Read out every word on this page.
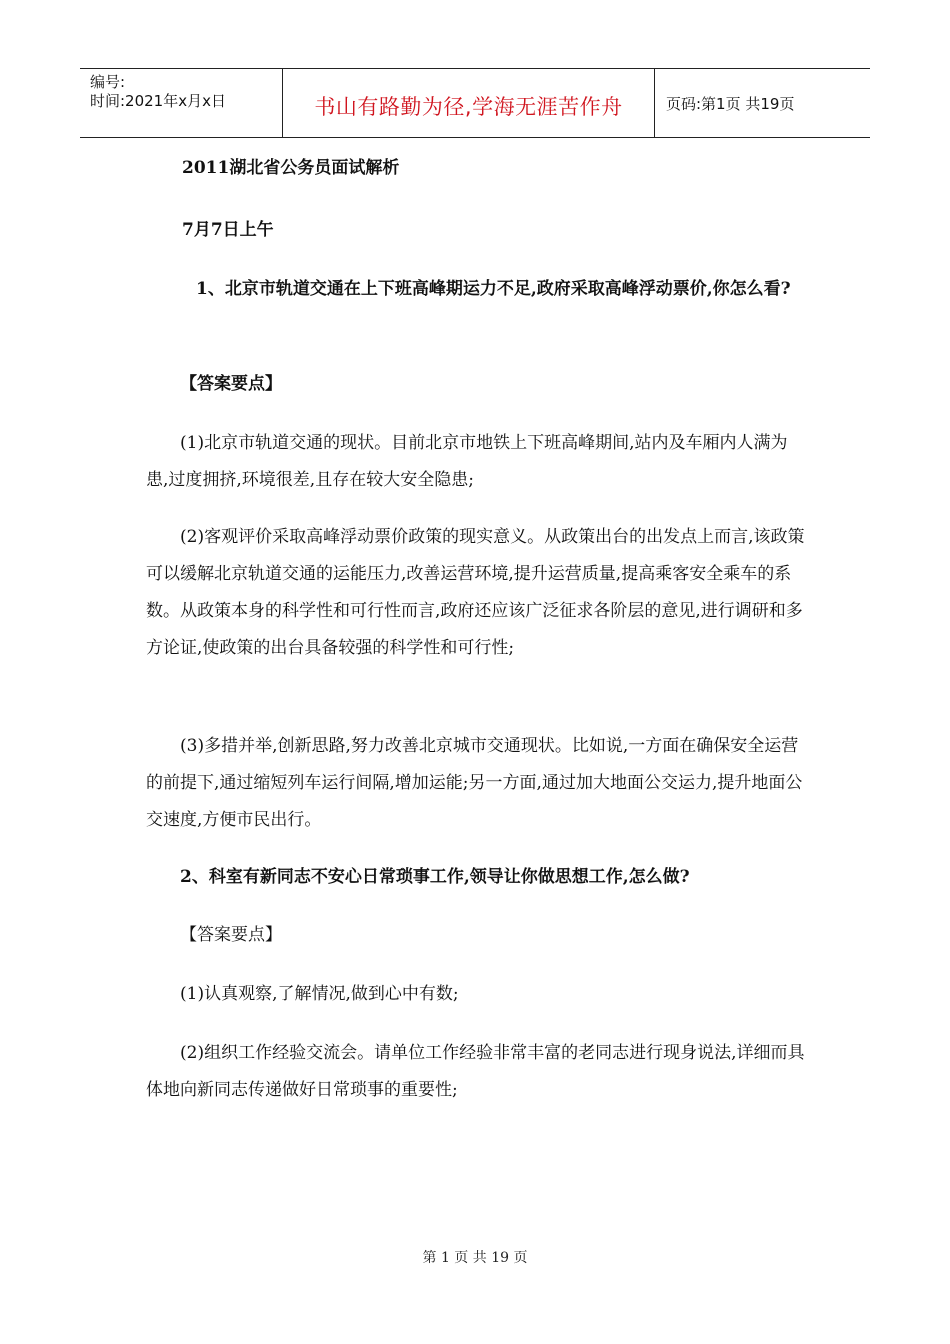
编号:
时间:2021年x月x日	书山有路勤为径,学海无涯苦作舟	页码:第1页 共19页
2011湖北省公务员面试解析
7月7日上午
1、北京市轨道交通在上下班高峰期运力不足,政府采取高峰浮动票价,你怎么看?
【答案要点】
(1)北京市轨道交通的现状。目前北京市地铁上下班高峰期间,站内及车厢内人满为患,过度拥挤,环境很差,且存在较大安全隐患;
(2)客观评价采取高峰浮动票价政策的现实意义。从政策出台的出发点上而言,该政策可以缓解北京轨道交通的运能压力,改善运营环境,提升运营质量,提高乘客安全乘车的系数。从政策本身的科学性和可行性而言,政府还应该广泛征求各阶层的意见,进行调研和多方论证,使政策的出台具备较强的科学性和可行性;
(3)多措并举,创新思路,努力改善北京城市交通现状。比如说,一方面在确保安全运营的前提下,通过缩短列车运行间隔,增加运能;另一方面,通过加大地面公交运力,提升地面公交速度,方便市民出行。
2、科室有新同志不安心日常琐事工作,领导让你做思想工作,怎么做?
【答案要点】
(1)认真观察,了解情况,做到心中有数;
(2)组织工作经验交流会。请单位工作经验非常丰富的老同志进行现身说法,详细而具体地向新同志传递做好日常琐事的重要性;
第 1 页 共 19 页
